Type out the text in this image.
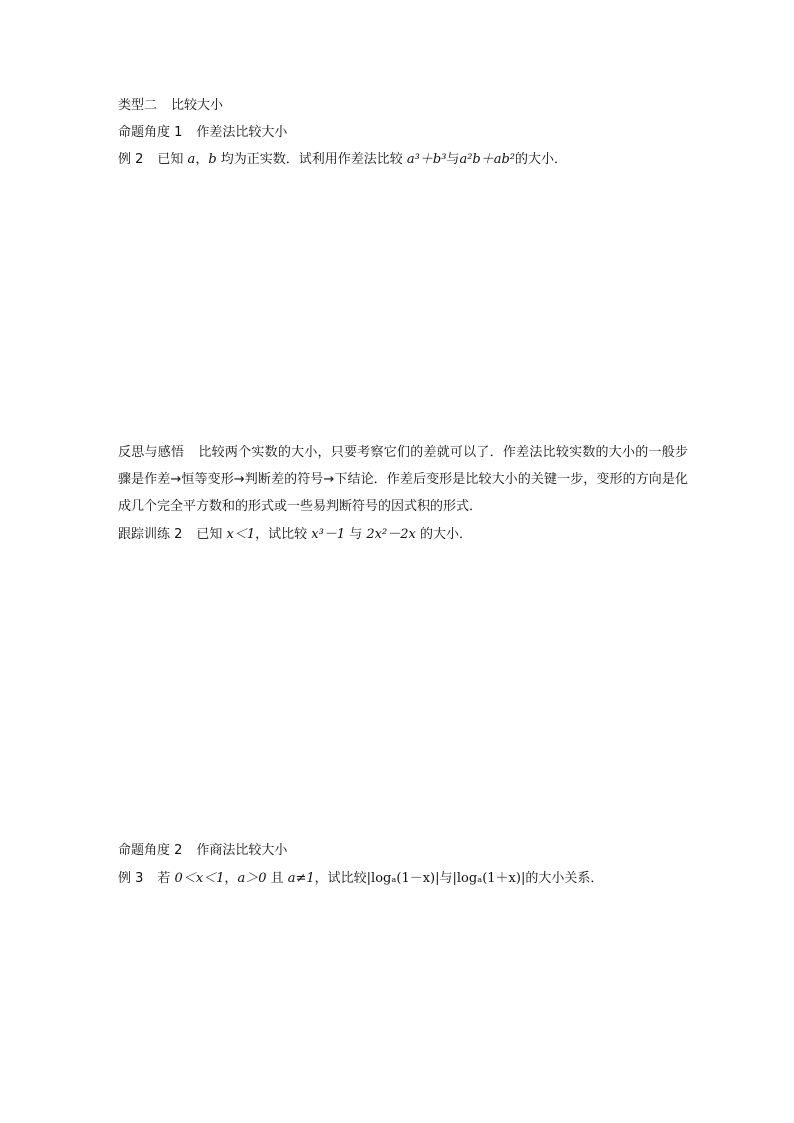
类型二 比较大小
命题角度 1 作差法比较大小
例 2 已知 a，b 均为正实数．试利用作差法比较 a³＋b³与a²b＋ab²的大小．
反思与感悟 比较两个实数的大小，只要考察它们的差就可以了．作差法比较实数的大小的一般步骤是作差→恒等变形→判断差的符号→下结论．作差后变形是比较大小的关键一步，变形的方向是化成几个完全平方数和的形式或一些易判断符号的因式积的形式．
跟踪训练 2 已知 x＜1，试比较 x³－1 与 2x²－2x 的大小．
命题角度 2 作商法比较大小
例 3 若 0＜x＜1，a＞0 且 a≠1，试比较|logₐ(1－x)|与|logₐ(1＋x)|的大小关系．
